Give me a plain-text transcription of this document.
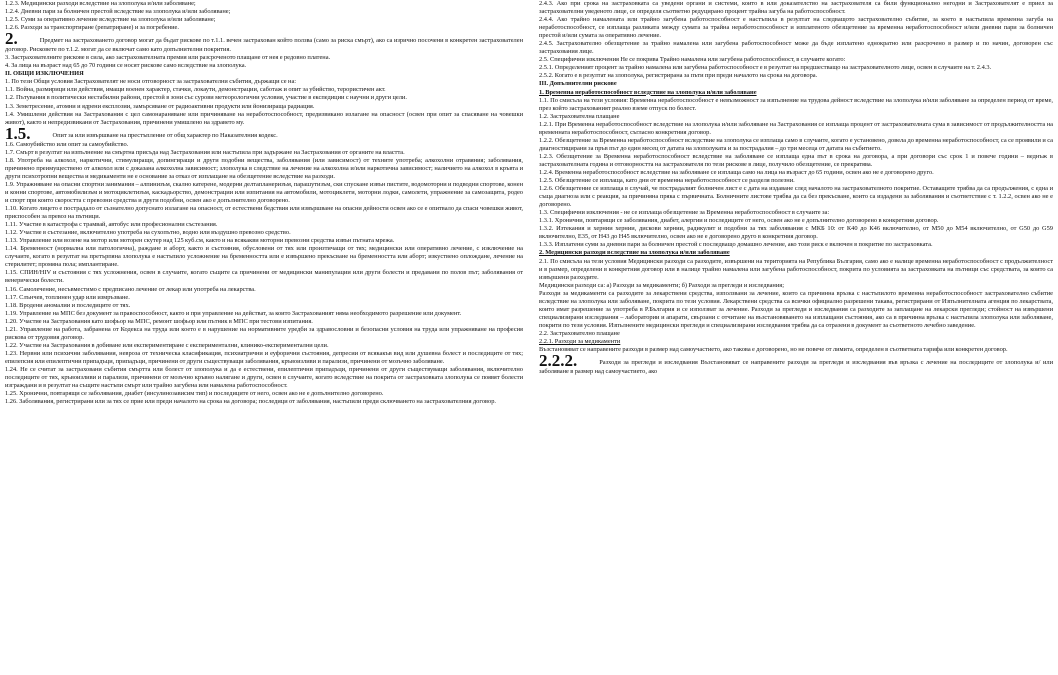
1.2.3. Медицински разходи вследствие на злополука и/или заболяване;

1.2.4. Дневни пари за болничен престой вследствие на злополука и/или заболяване;

1.2.5. Суми за оперативно лечение вследствие на злополука и/или заболяване;

1.2.6. Разходи за транспортиране (репатриране) и за погребение.

2.	Предмет на застраховането договор могат да бъдат рискове по т.1.1. вечен застрахован който ползва (само за рискa смърт), ако са изрично посочени в конкретен застрахователен договор. Рисковете по т.1.2. могат да се включат само като допълнителни покрития.

3. Застрахователните рискове в сила, ако застрахователната премия или разсроченото плащане от нея е редовно платена.

4. За лица на възраст над 65 до 70 години се носят рискове само вследствие на злополука.

II. ОБЩИ ИЗКЛЮЧЕНИЯ

1. По тези Общи условия Застрахователят не носи отговорност за застрахователни събития, държащи се на:

1.1. Война, размирици или действия, имащи военен характер, стачки, локаути, демонстрации, саботаж и опит за убийство, терористичен акт.

1.2. Пътувания в политически нестабилни райони, престой в зони със сурови метеорологични условия, участие в експедиции с научни и други цели.

1.3. Земетресение, атомни и ядрени експлозии, замърсяване от радиоактивни продукти или йонизираща радиация.

1.4. Умишлени действия на Застрахования с цел самонараняване или причиняване на неработоспособност, предизвикано излагане на опасност (освен при опит за спасяване на човешки живот), както и непредизвикани от Застрахования, причинени умишлено на здравето му.

1.5.	Опит за или извършване на престъпление от общ характер по Наказателния кодекс.

1.6. Самоубийство или опит за самоубийство.

1.7. Смърт в резултат на изпълнение на смъртна присъда над Застрахования или настъпила при задържане на Застрахования от органите на властта.

1.8. Употреба на алкохол, наркотични, стимулиращи, допингиращи и други подобни вещества, заболявания (или зависимост) от техните употреба; алкохолни отравяния; заболявания, причинено преимуществено от алкохол или с доказана алкохолна зависимост; злополука в следствие на лечение на алкохолна и/или наркотична зависимост; наличието на алкохол в кръвта и други психотропни вещества и медикаменти не е основание за отказ от изплащане на обезщетение вследствие на разходи.

1.9. Упражняване на опасни спортни занимания – алпинизъм, скално катерене, модерни делтапланеризъм, парашутизъм, ски спускане извън пистите, водомоторни и подводни спортове, конен и конни спортове, автомобилизъм и мотоциклетизъм, каскадьорство, демонстрации или изпитания на автомобили, мотоциклети, моторни лодки, самолети, упражнение за самозащита, родео и спорт при които скоростта с превозни средства и други подобни, освен ако е допълнително договорено.

1.10. Когато лицето е пострадало от съзнателно допуснато излагане на опасност, от естествени бедствия или извършване на опасни дейности освен ако се е опитвало да спаси човешки живот, приспособен за превоз на пътници.

1.11. Участие в катастрофа с трамвай, автобус или професионални състезания.

1.12. Участие в състезание, включително употреба на сухопътно, водно или въздушно превозно средство.

1.13. Управление или возене на мотор или моторен скутер над 125 куб.см, както и на всякакви моторни превозни средства извън пътната мрежа.

1.14. Бременност (нормална или патологична), раждане и аборт, както и състояния, обусловени от тях или произтичащи от тях; медицински или оперативно лечение, с изключение на случаите, когато в резултат на претърпяна злополука е настъпило усложнение на бременността или е извършено прекъсване на бременността или аборт; изкуствено оплождане, лечение на стерилитет; промяна пола; имплантиране.

1.15. СПИН/HIV и състояния с тях усложнения, освен в случаите, когато същите са причинени от медицински манипулации или други болести и предавани по полов път; заболявания от венерически болести.

1.16. Самолечение, несъвместимо с предписано лечение от лекар или употреба на лекарства.

1.17. Слънчев, топлинен удар или измръзване.

1.18. Вродени аномалии и последиците от тях.

1.19. Управление на МПС без документ за правоспособност, както и при управление на действат, за които Застрахованият няма необходимото разрешение или документ.

1.20. Участие на Застрахования като шофьор на МПС, ремонт шофьор или пътник в МПС при тестови изпитания.

1.21. Управление на работа, забранена от Кодекса на труда или което е в нарушение на нормативните уредби за здравословни и безопасни условия на труда или упражняване на професия рискова от трудовия договор.

1.22. Участие на Застрахования в добиване или експериментиране с експериментални, клинико-експериментални цели.

1.23. Нервни или психични заболявания, невроза от техническа класификация, психиатрични и еуфорични състояния, депресии от всякакъв вид или душевна болест и последиците от тях; епилепсия или епилептични припадъци, припадъци, причинени от други съществуващи заболявания, кръвоизливи и парализи, причинени от мозъчно заболяване.

1.24. Не се считат за застраховани събития смъртта или болест от злополука и да е естествени, епилептични припадъци, причинени от други съществуващи заболявания, включително последиците от тях, кръвоизливи и парализи, причинени от мозъчно кръвно налягане и други, освен в случаите, когато вследствие на покрита от застраховката злополука се появят болести изграждани и в резултат на същите настъпи смърт или трайно загубена или намалена работоспособност.

1.25. Хронични, повтарящи се заболявания, диабет (инсулинозависим тип) и последиците от него, освен ако не е допълнително договорено.

1.26. Заболявания, регистрирани или за тях се прие или преди началото на срока на договора; последици от заболявания, настъпили преди сключването на застрахователния договор.

2.4.3. Ако при срока на застраховката са уведени органи и системи, които в или доказателство на застрахователя са били функционално негодни и Застрахователят е приел за застрахователни уведеното лице, се определя съответно редуцирано процент трайна загуба на работоспособност.

2.4.4. Ако трайно намалената или трайно загубена работоспособност е настъпила в резултат на следващото застрахователно събитие, за което в настъпила временна загуба на неработоспособност, се изплаща разликата между сумата за трайна неработоспособност и изплатеното обезщетение за временна неработоспособност и/или дневни пари за болничен престой и/или сумата за оперативно лечение.

2.4.5. Застрахователно обезщетение за трайно намалена или загубена работоспособност може да бъде изплатено еднократно или разсрочено в размер и по начин, договорен със застрахования лице.

2.5. Специфични изключения Не се покрива Трайно намалена или загубена работоспособност, в случаите когато:

2.5.1. Определеният процент за трайно намалена или загубена работоспособност е в резултат на предшестващо на застрахователното лице, освен в случаите на т. 2.4.3.

2.5.2. Когато е в резултат на злополука, регистрирана за пъти при преди началото на срока на договора.

III. Допълнителни рискове

1. Временна неработоспособност вследствие на злополука и/или заболяване

1.1. По смисъла на тези условия: Временна неработоспособност е невъзможност за изпълнение на трудова дейност вследствие на злополука и/или заболяване за определен период от време, през който застрахованият реално вземе отпуск по болест.

1.2. Застрахователна плащане

1.2.1. При Временна неработоспособност вследствие на злополука и/или заболяване на Застрахования се изплаща процент от застрахователната сума в зависимост от продължителността на временната неработоспособност, съгласно конкретния договор.

1.2.2. Обезщетение за Временна неработоспособност вследствие на злополука се изплаща само в случаите, когато е установено, довела до временна неработоспособност, са се проявили и са диагностицирани за пръв път до един месец от датата на злополуката и за пострадалия – до три месеца от датата на събитието.

1.2.3. Обезщетение за Временна неработоспособност вследствие на заболяване се изплаща една път в срока на договора, а при договори със срок 1 и повече години – веднъж в застрахователната година и отговорността на застрахователя по тези рискове в лице, получило обезщетение, се прекратява.

1.2.4. Временна неработоспособност вследствие на заболяване се изплаща само на лица на възраст до 65 години, освен ако не е договорено друго.

1.2.5. Обезщетение се изплаща, като дни от временна неработоспособност се разделя полезни.

1.2.6. Обезщетение се изплаща в случай, че пострадалият болничен лист е с дата на издаване след началото на застрахователното покритие. Оставащите трябва да са продължения, с една и съща диагноза или с реакция, за причиняна пряка с първичната. Болничните листове трябва да са без прекъсване, които са издадени за заболявания и съответствие с т. 1.2.2, освен ако не е договорено.

1.3. Специфични изключения - не се изплаща обезщетение за Временна неработоспособност в случаите за:

1.3.1. Хронични, повтарящи се заболявания, диабет, алергии и последиците от него, освен ако не е допълнително договорено в конкретния договор.

1.3.2. Изтекания и хернии хернии, дискови хернии, радикулит и подобни за тях заболявания с МКБ 10: от К40 до К46 включително, от М50 до М54 включително, от G50 до G59 включително, Е35, от Н43 до Н45 включително, освен ако не е договорено друго в конкретния договор.

1.3.3. Изплатени суми за дневни пари за болничен престой с последващо домашно лечение, ако този риск е включен в покритие по застраховката.

2. Медицински разходи вследствие на злополука и/или заболяване

2.1. По смисъла на тези условия Медицински разходи са разходите, извършени на територията на Република България, само ако е налице временна неработоспособност с продължителност и в размер, определени в конкретния договор или в налице трайно намалена или загубена работоспособност, покрита по условията за застраховката на пътници със средствата, за които са извършени разходите.

Медицински разходи са: а) Разходи за медикаменти; б) Разходи за прегледи и изследвания;

Разходи за медикаменти са разходите за лекарствени средства, използвани за лечение, които са причинна връзка с настъпилото временна неработоспособност застрахователно събитие вследствие на злополука или заболяване, покрита по тези условия. Лекарствени средства са всички официално разрешени такава, регистрирани от Изпълнителната агенция по лекарствата, които имат разрешение за употреба в Р.България и се използват за лечение. Разходи за прегледи и изследвания са разходите за заплащане на лекарски прегледи; стойност на извършени специализирани изследвания – лаборатории и апарати, свързани с отчитане на възстановяването на изплащани състояния, ако са в причинна връзка с настъпила злополука или заболяване, покрити по тези условия. Изпълнените медицински прегледи и специализирани изследвания трябва да са отразени в документ за съответното лечебно заведение.

2.2. Застрахователно плащане

2.2.1. Разходи за медикаменти

Възстановяват се направените разходи в размер над самоучастието, ако такова е договорено, но не повече от лимита, определен в съответната тарифа или конкретен договор.

2.2.2.	Разходи за прегледи и изследвания Възстановяват се направените разходи за прегледи и изследвания във връзка с лечение на последиците от злополука и/ или заболяване в размер над самоучастието, ако
